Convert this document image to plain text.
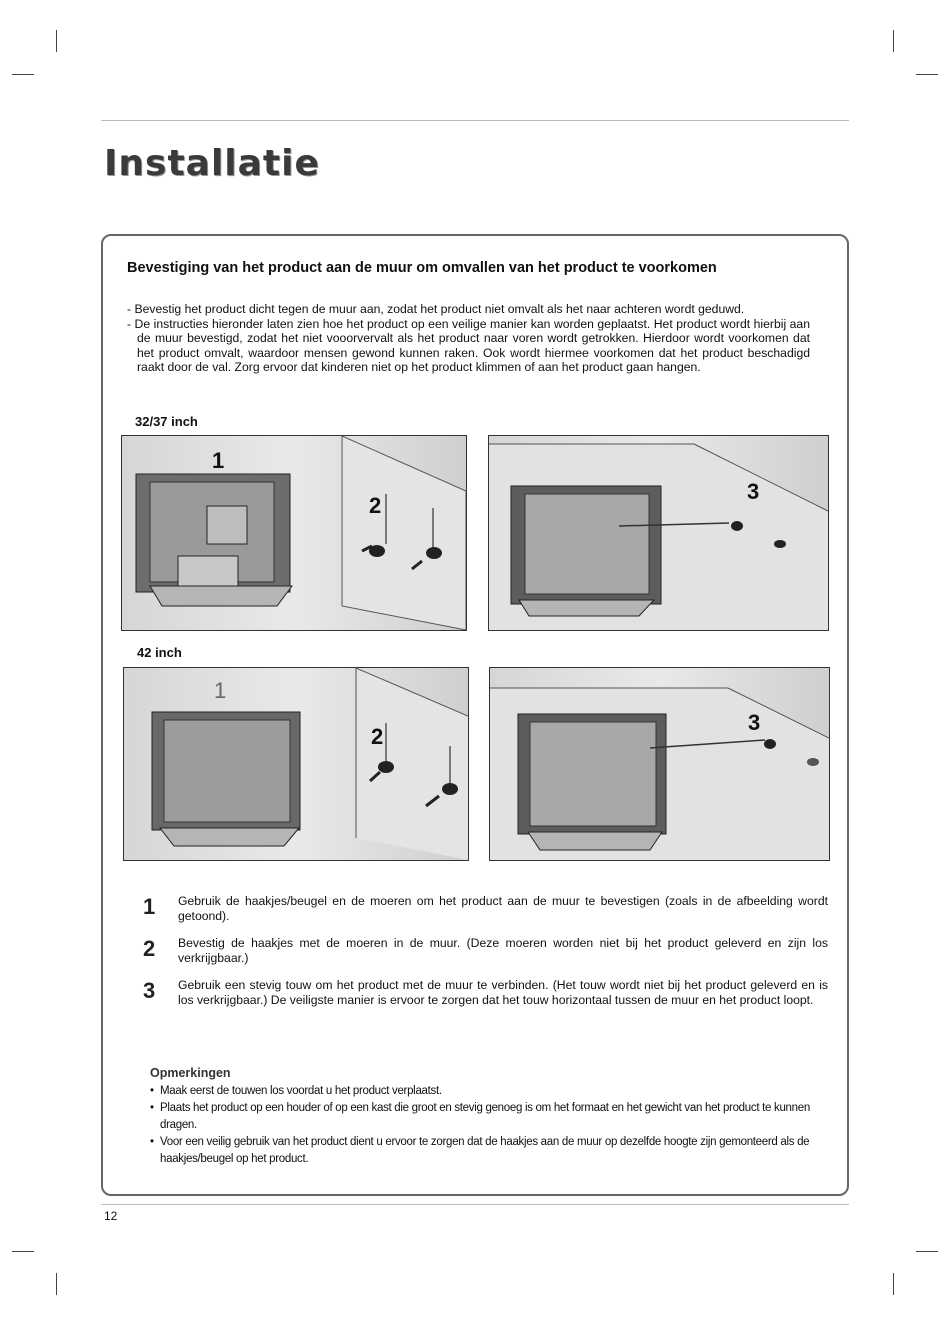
Installatie
Bevestiging van het product aan de muur om omvallen van het product te voorkomen

- Bevestig het product dicht tegen de muur aan, zodat het product niet omvalt als het naar achteren wordt geduwd.

- De instructies hieronder laten zien hoe het product op een veilige manier kan worden geplaatst. Het product wordt hierbij aan de muur bevestigd, zodat het niet vooorvervalt als het product naar voren wordt getrokken. Hierdoor wordt voorkomen dat het product omvalt, waardoor mensen gewond kunnen raken. Ook wordt hiermee voorkomen dat het product beschadigd raakt door de val. Zorg ervoor dat kinderen niet op het product klimmen of aan het product gaan hangen.

32/37 inch
1
2
3
42 inch
1
2
3
1 Gebruik de haakjes/beugel en de moeren om het product aan de muur te bevestigen (zoals in de afbeelding wordt getoond).
2 Bevestig de haakjes met de moeren in de muur. (Deze moeren worden niet bij het product geleverd en zijn los verkrijgbaar.)
3 Gebruik een stevig touw om het product met de muur te verbinden. (Het touw wordt niet bij het product geleverd en is los verkrijgbaar.) De veiligste manier is ervoor te zorgen dat het touw horizontaal tussen de muur en het product loopt.
Opmerkingen
• Maak eerst de touwen los voordat u het product verplaatst.
• Plaats het product op een houder of op een kast die groot en stevig genoeg is om het formaat en het gewicht van het product te kunnen dragen.
• Voor een veilig gebruik van het product dient u ervoor te zorgen dat de haakjes aan de muur op dezelfde hoogte zijn gemonteerd als de haakjes/beugel op het product.
12
